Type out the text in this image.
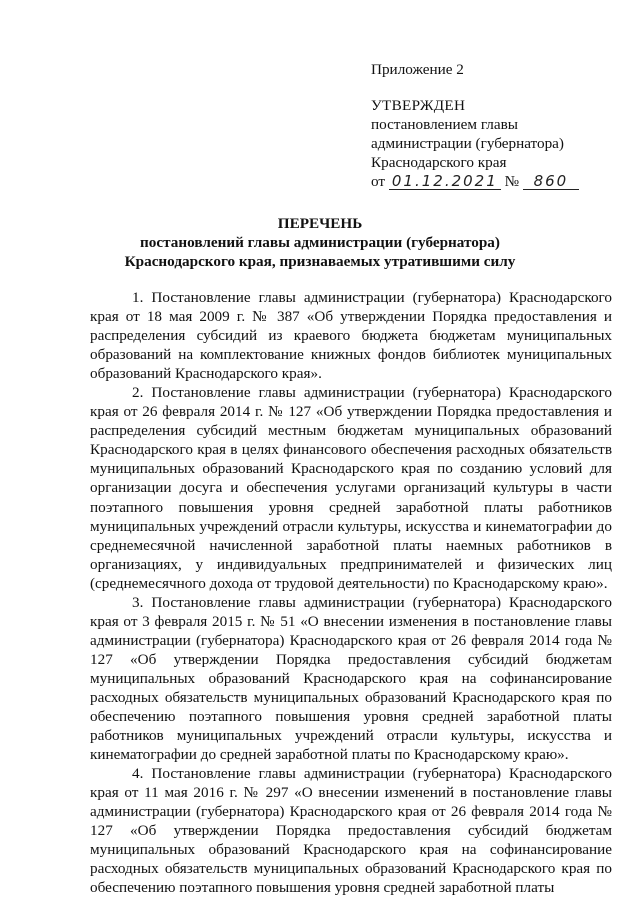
Приложение 2
УТВЕРЖДЕН
постановлением главы
администрации (губернатора)
Краснодарского края
от 01.12.2021 № 860
ПЕРЕЧЕНЬ
постановлений главы администрации (губернатора)
Краснодарского края, признаваемых утратившими силу

1. Постановление главы администрации (губернатора) Краснодарского края от 18 мая 2009 г. № 387 «Об утверждении Порядка предоставления и распределения субсидий из краевого бюджета бюджетам муниципальных образований на комплектование книжных фондов библиотек муниципальных образований Краснодарского края».

2. Постановление главы администрации (губернатора) Краснодарского края от 26 февраля 2014 г. № 127 «Об утверждении Порядка предоставления и распределения субсидий местным бюджетам муниципальных образований Краснодарского края в целях финансового обеспечения расходных обязательств муниципальных образований Краснодарского края по созданию условий для организации досуга и обеспечения услугами организаций культуры в части поэтапного повышения уровня средней заработной платы работников муниципальных учреждений отрасли культуры, искусства и кинематографии до среднемесячной начисленной заработной платы наемных работников в организациях, у индивидуальных предпринимателей и физических лиц (среднемесячного дохода от трудовой деятельности) по Краснодарскому краю».

3. Постановление главы администрации (губернатора) Краснодарского края от 3 февраля 2015 г. № 51 «О внесении изменения в постановление главы администрации (губернатора) Краснодарского края от 26 февраля 2014 года № 127 «Об утверждении Порядка предоставления субсидий бюджетам муниципальных образований Краснодарского края на софинансирование расходных обязательств муниципальных образований Краснодарского края по обеспечению поэтапного повышения уровня средней заработной платы работников муниципальных учреждений отрасли культуры, искусства и кинематографии до средней заработной платы по Краснодарскому краю».

4. Постановление главы администрации (губернатора) Краснодарского края от 11 мая 2016 г. № 297 «О внесении изменений в постановление главы администрации (губернатора) Краснодарского края от 26 февраля 2014 года № 127 «Об утверждении Порядка предоставления субсидий бюджетам муниципальных образований Краснодарского края на софинансирование расходных обязательств муниципальных образований Краснодарского края по обеспечению поэтапного повышения уровня средней заработной платы
